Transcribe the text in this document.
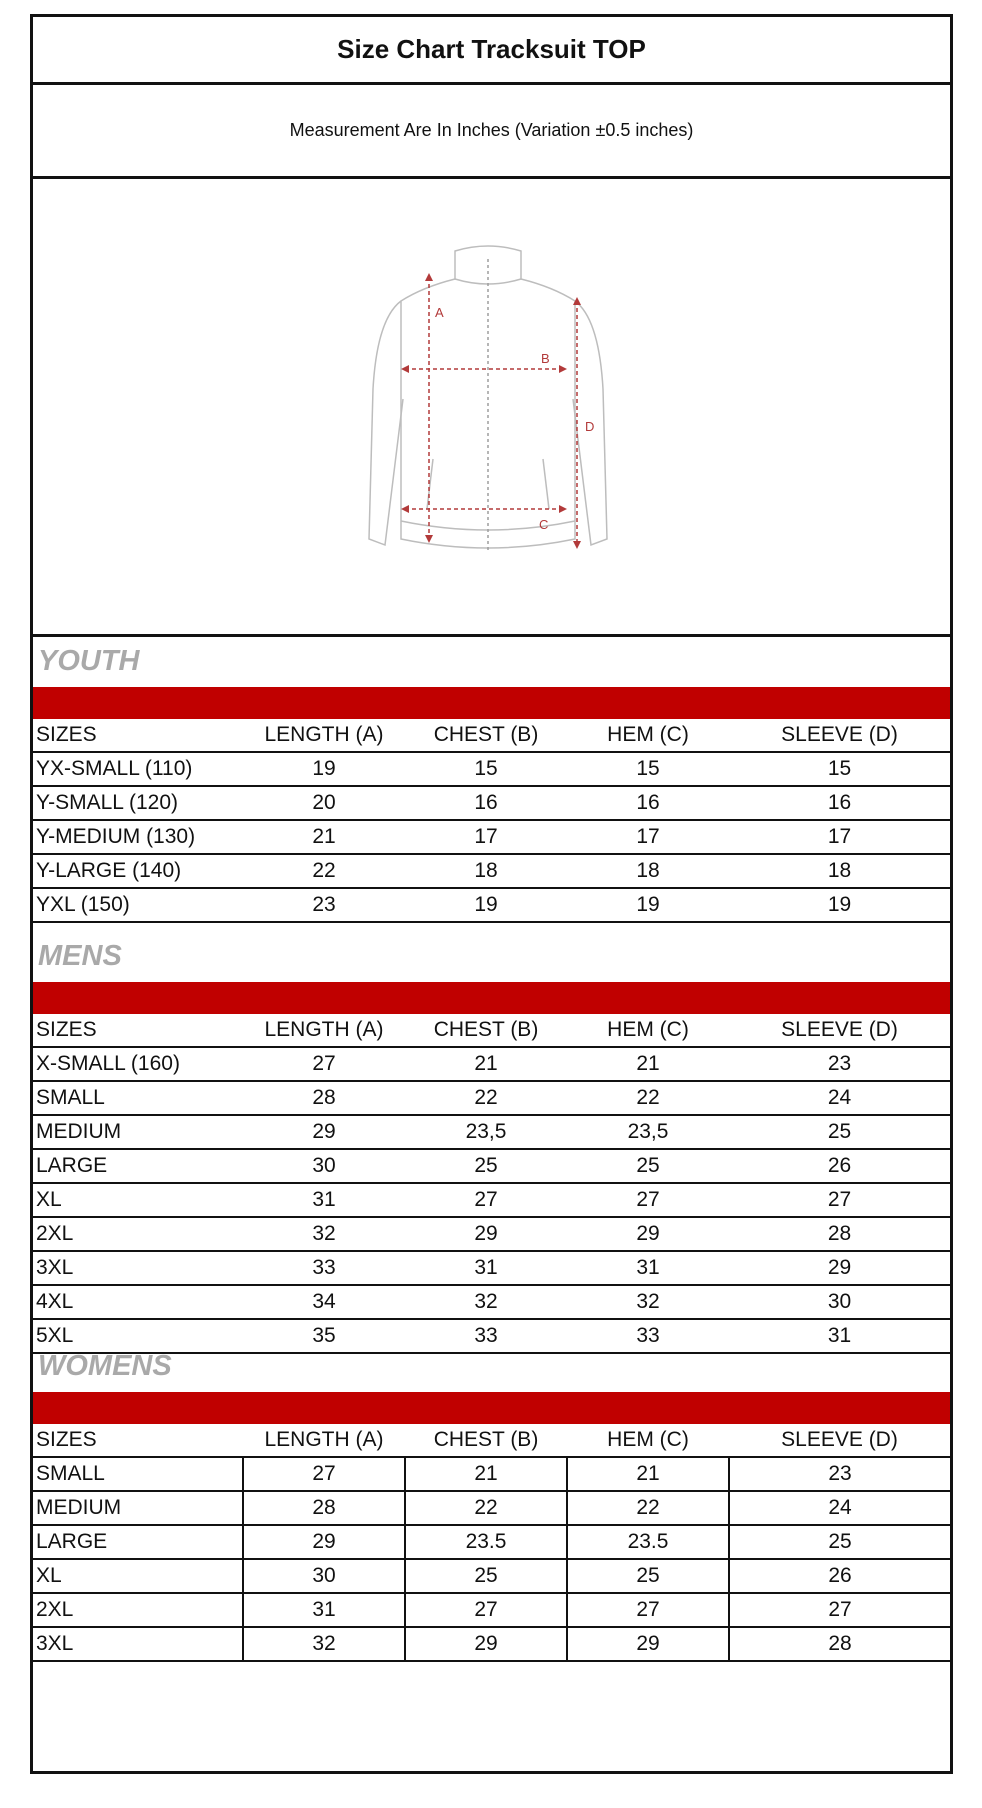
Size Chart Tracksuit TOP
Measurement Are In Inches (Variation ±0.5 inches)
A
B
C
D
YOUTH
SIZES	LENGTH (A)	CHEST (B)	HEM (C)	SLEEVE (D)
YX-SMALL (110)	19	15	15	15
Y-SMALL (120)	20	16	16	16
Y-MEDIUM (130)	21	17	17	17
Y-LARGE (140)	22	18	18	18
YXL (150)	23	19	19	19
MENS
SIZES	LENGTH (A)	CHEST (B)	HEM (C)	SLEEVE (D)
X-SMALL (160)	27	21	21	23
SMALL	28	22	22	24
MEDIUM	29	23,5	23,5	25
LARGE	30	25	25	26
XL	31	27	27	27
2XL	32	29	29	28
3XL	33	31	31	29
4XL	34	32	32	30
5XL	35	33	33	31
WOMENS
SIZES	LENGTH (A)	CHEST (B)	HEM (C)	SLEEVE (D)
SMALL	27	21	21	23
MEDIUM	28	22	22	24
LARGE	29	23.5	23.5	25
XL	30	25	25	26
2XL	31	27	27	27
3XL	32	29	29	28
